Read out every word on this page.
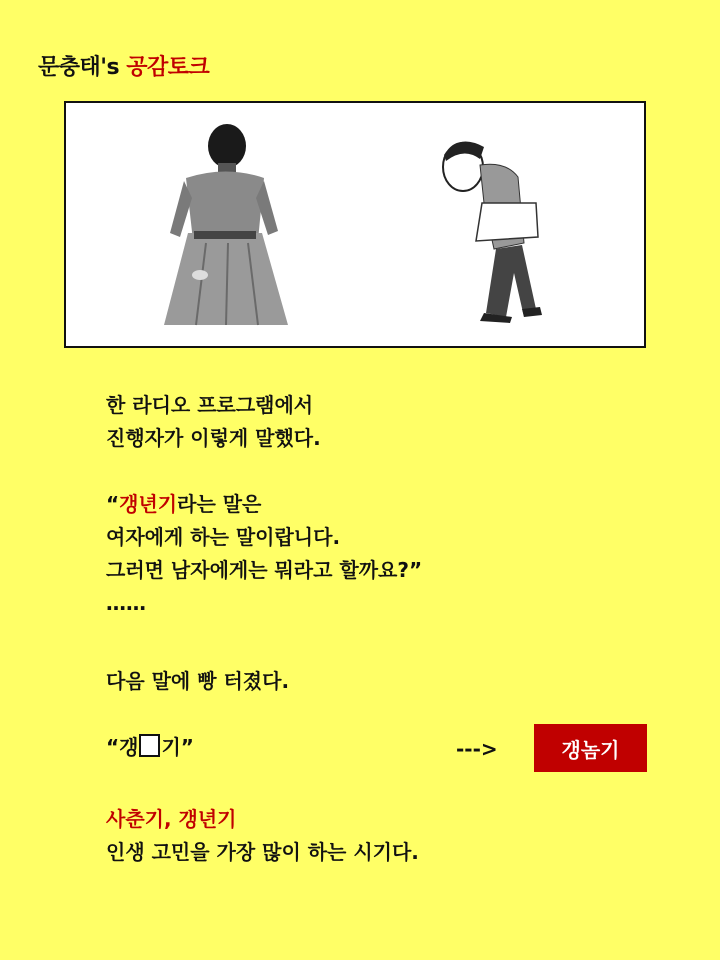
문충태's 공감토크
한 라디오 프로그램에서
진행자가 이렇게 말했다.
“갱년기라는 말은
여자에게 하는 말이랍니다.
그러면 남자에게는 뭐라고 할까요?”
……
다음 말에 빵 터졌다.
“갱 기”	--->	갱놈기
사춘기, 갱년기
인생 고민을 가장 많이 하는 시기다.
